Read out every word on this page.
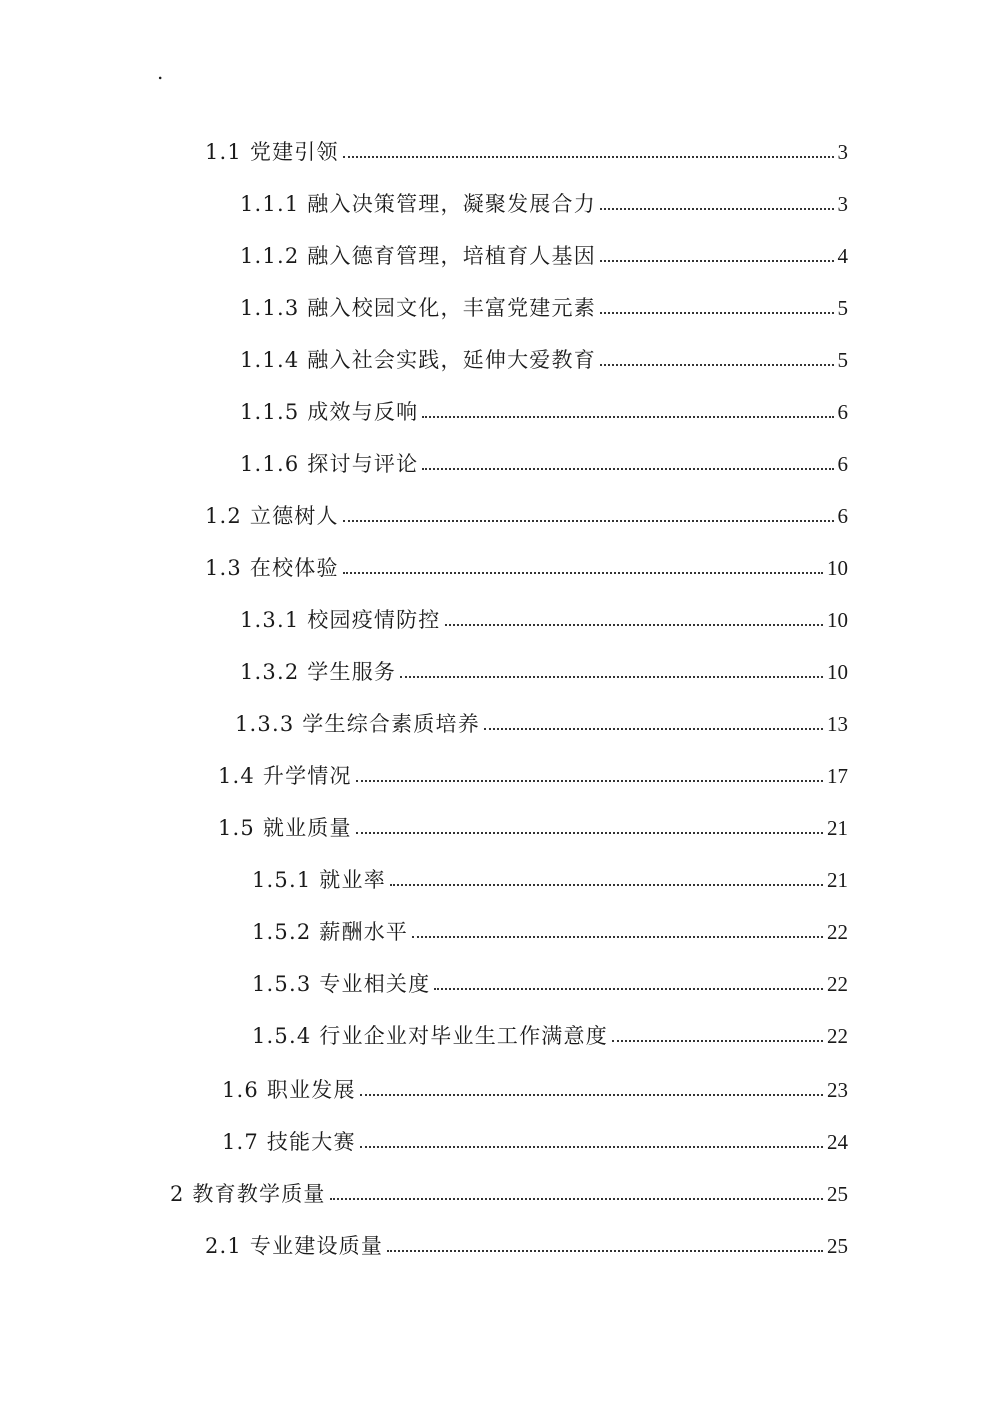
.
1.1 党建引领	3
1.1.1 融入决策管理，凝聚发展合力	3
1.1.2 融入德育管理，培植育人基因	4
1.1.3 融入校园文化，丰富党建元素	5
1.1.4 融入社会实践，延伸大爱教育	5
1.1.5 成效与反响	6
1.1.6 探讨与评论	6
1.2 立德树人	6
1.3 在校体验	10
1.3.1 校园疫情防控	10
1.3.2 学生服务	10
1.3.3 学生综合素质培养	13
1.4 升学情况	17
1.5 就业质量	21
1.5.1 就业率	21
1.5.2 薪酬水平	22
1.5.3 专业相关度	22
1.5.4 行业企业对毕业生工作满意度	22
1.6 职业发展	23
1.7 技能大赛	24
2 教育教学质量	25
2.1 专业建设质量	25
